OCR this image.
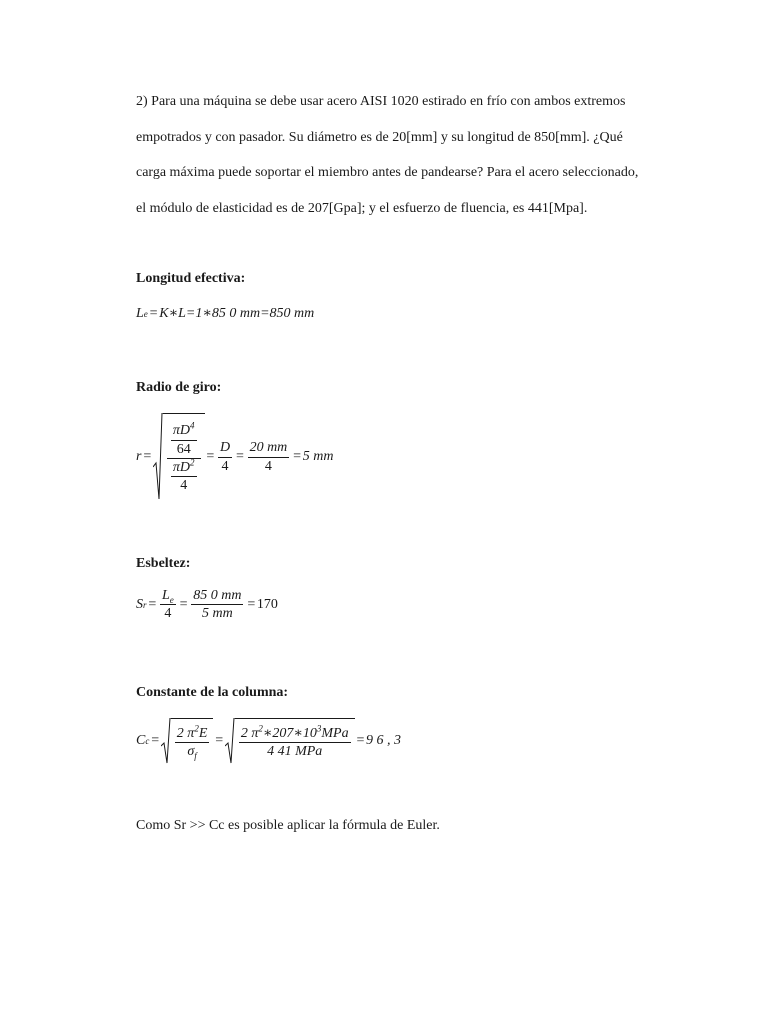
2) Para una máquina se debe usar acero AISI 1020 estirado en frío con ambos extremos
empotrados y con pasador. Su diámetro es de 20[mm] y su longitud de 850[mm]. ¿Qué
carga máxima puede soportar el miembro antes de pandearse? Para el acero seleccionado,
el módulo de elasticidad es de 207[Gpa]; y el esfuerzo de fluencia, es 441[Mpa].
Longitud efectiva:
L e = K∗L=1∗85 0 mm=850 mm
Radio de giro:
$r = \frac{\frac{\pi D^4}{64}}{\frac{\pi D^2}{4}} = \frac{D}{4} = \frac{20 mm}{4} = 5$ mm
Esbeltez:
S $r = \frac{L_e}{4} = \frac{85 0 mm}{5 mm} = 170$
Constante de la columna:
C $c = \frac{2 \pi^2E}{\sigma_f} = \frac{2 \pi^2∗207∗10^3MPa}{\text{4 41 MPa}} = 9$ 6 , 3
Como Sr >> Cc es posible aplicar la fórmula de Euler.
